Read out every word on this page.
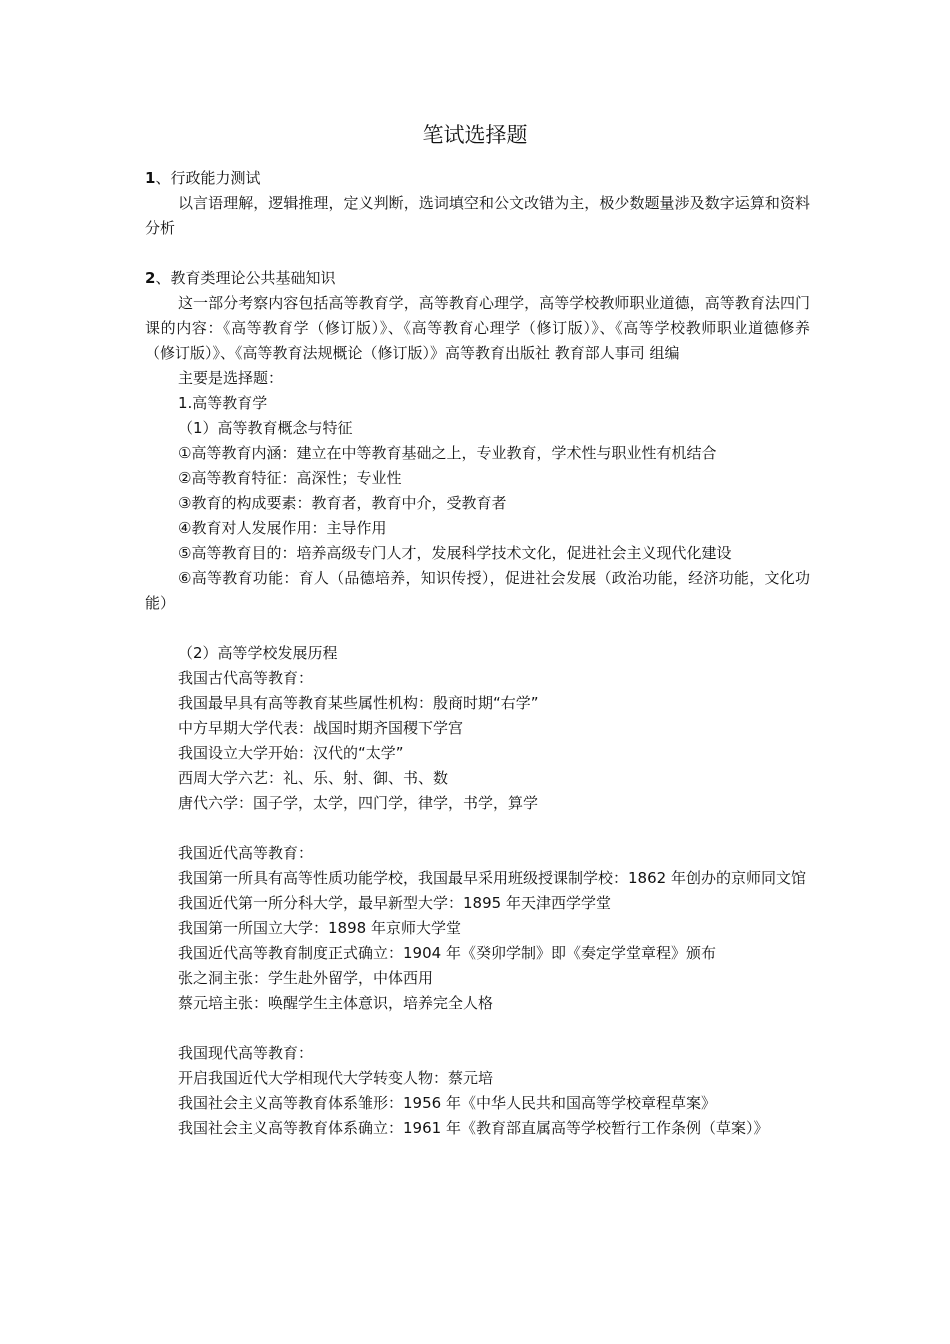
笔试选择题
1、行政能力测试
以言语理解，逻辑推理，定义判断，选词填空和公文改错为主，极少数题量涉及数字运算和资料分析
2、教育类理论公共基础知识
这一部分考察内容包括高等教育学，高等教育心理学，高等学校教师职业道德，高等教育法四门课的内容：《高等教育学（修订版）》、《高等教育心理学（修订版）》、《高等学校教师职业道德修养（修订版）》、《高等教育法规概论（修订版）》高等教育出版社 教育部人事司 组编
主要是选择题：
1.高等教育学
（1）高等教育概念与特征
①高等教育内涵：建立在中等教育基础之上，专业教育，学术性与职业性有机结合
②高等教育特征：高深性；专业性
③教育的构成要素：教育者，教育中介，受教育者
④教育对人发展作用：主导作用
⑤高等教育目的：培养高级专门人才，发展科学技术文化，促进社会主义现代化建设
⑥高等教育功能：育人（品德培养，知识传授），促进社会发展（政治功能，经济功能，文化功能）
（2）高等学校发展历程
我国古代高等教育：
我国最早具有高等教育某些属性机构：殷商时期“右学”
中方早期大学代表：战国时期齐国稷下学宫
我国设立大学开始：汉代的“太学”
西周大学六艺：礼、乐、射、御、书、数
唐代六学：国子学，太学，四门学，律学，书学，算学
我国近代高等教育：
我国第一所具有高等性质功能学校，我国最早采用班级授课制学校：1862 年创办的京师同文馆
我国近代第一所分科大学，最早新型大学：1895 年天津西学学堂
我国第一所国立大学：1898 年京师大学堂
我国近代高等教育制度正式确立：1904 年《癸卯学制》即《奏定学堂章程》颁布
张之洞主张：学生赴外留学，中体西用
蔡元培主张：唤醒学生主体意识，培养完全人格
我国现代高等教育：
开启我国近代大学相现代大学转变人物：蔡元培
我国社会主义高等教育体系雏形：1956 年《中华人民共和国高等学校章程草案》
我国社会主义高等教育体系确立：1961 年《教育部直属高等学校暂行工作条例（草案）》
